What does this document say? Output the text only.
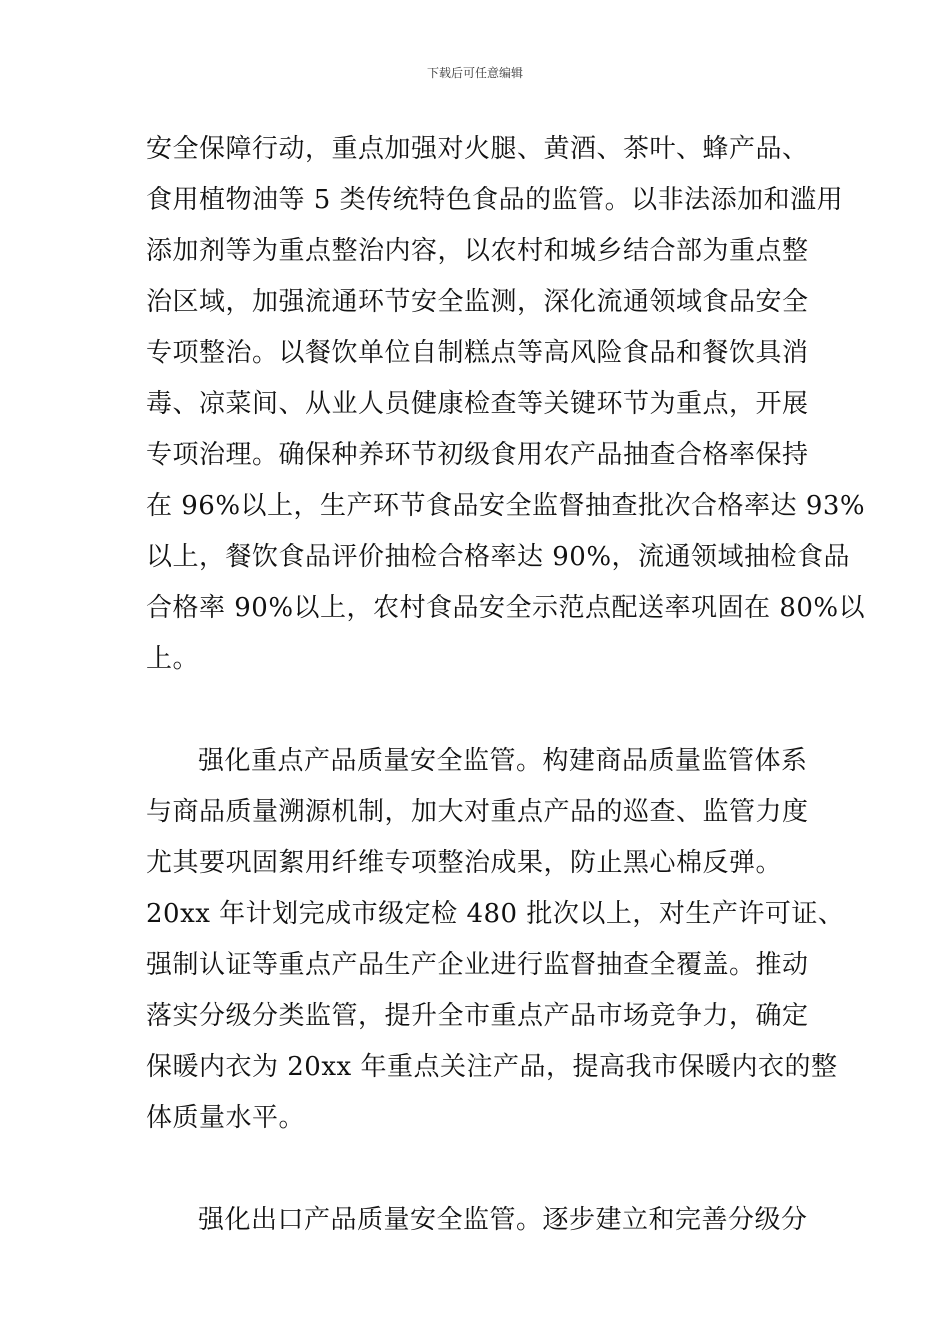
下载后可任意编辑
安全保障行动，重点加强对火腿、黄酒、茶叶、蜂产品、
食用植物油等 5 类传统特色食品的监管。以非法添加和滥用
添加剂等为重点整治内容，以农村和城乡结合部为重点整
治区域，加强流通环节安全监测，深化流通领域食品安全
专项整治。以餐饮单位自制糕点等高风险食品和餐饮具消
毒、凉菜间、从业人员健康检查等关键环节为重点，开展
专项治理。确保种养环节初级食用农产品抽查合格率保持
在 96%以上，生产环节食品安全监督抽查批次合格率达 93%
以上，餐饮食品评价抽检合格率达 90%，流通领域抽检食品
合格率 90%以上，农村食品安全示范点配送率巩固在 80%以
上。
强化重点产品质量安全监管。构建商品质量监管体系
与商品质量溯源机制，加大对重点产品的巡查、监管力度
尤其要巩固絮用纤维专项整治成果，防止黑心棉反弹。
20xx 年计划完成市级定检 480 批次以上，对生产许可证、
强制认证等重点产品生产企业进行监督抽查全覆盖。推动
落实分级分类监管，提升全市重点产品市场竞争力，确定
保暖内衣为 20xx 年重点关注产品，提高我市保暖内衣的整
体质量水平。
强化出口产品质量安全监管。逐步建立和完善分级分
